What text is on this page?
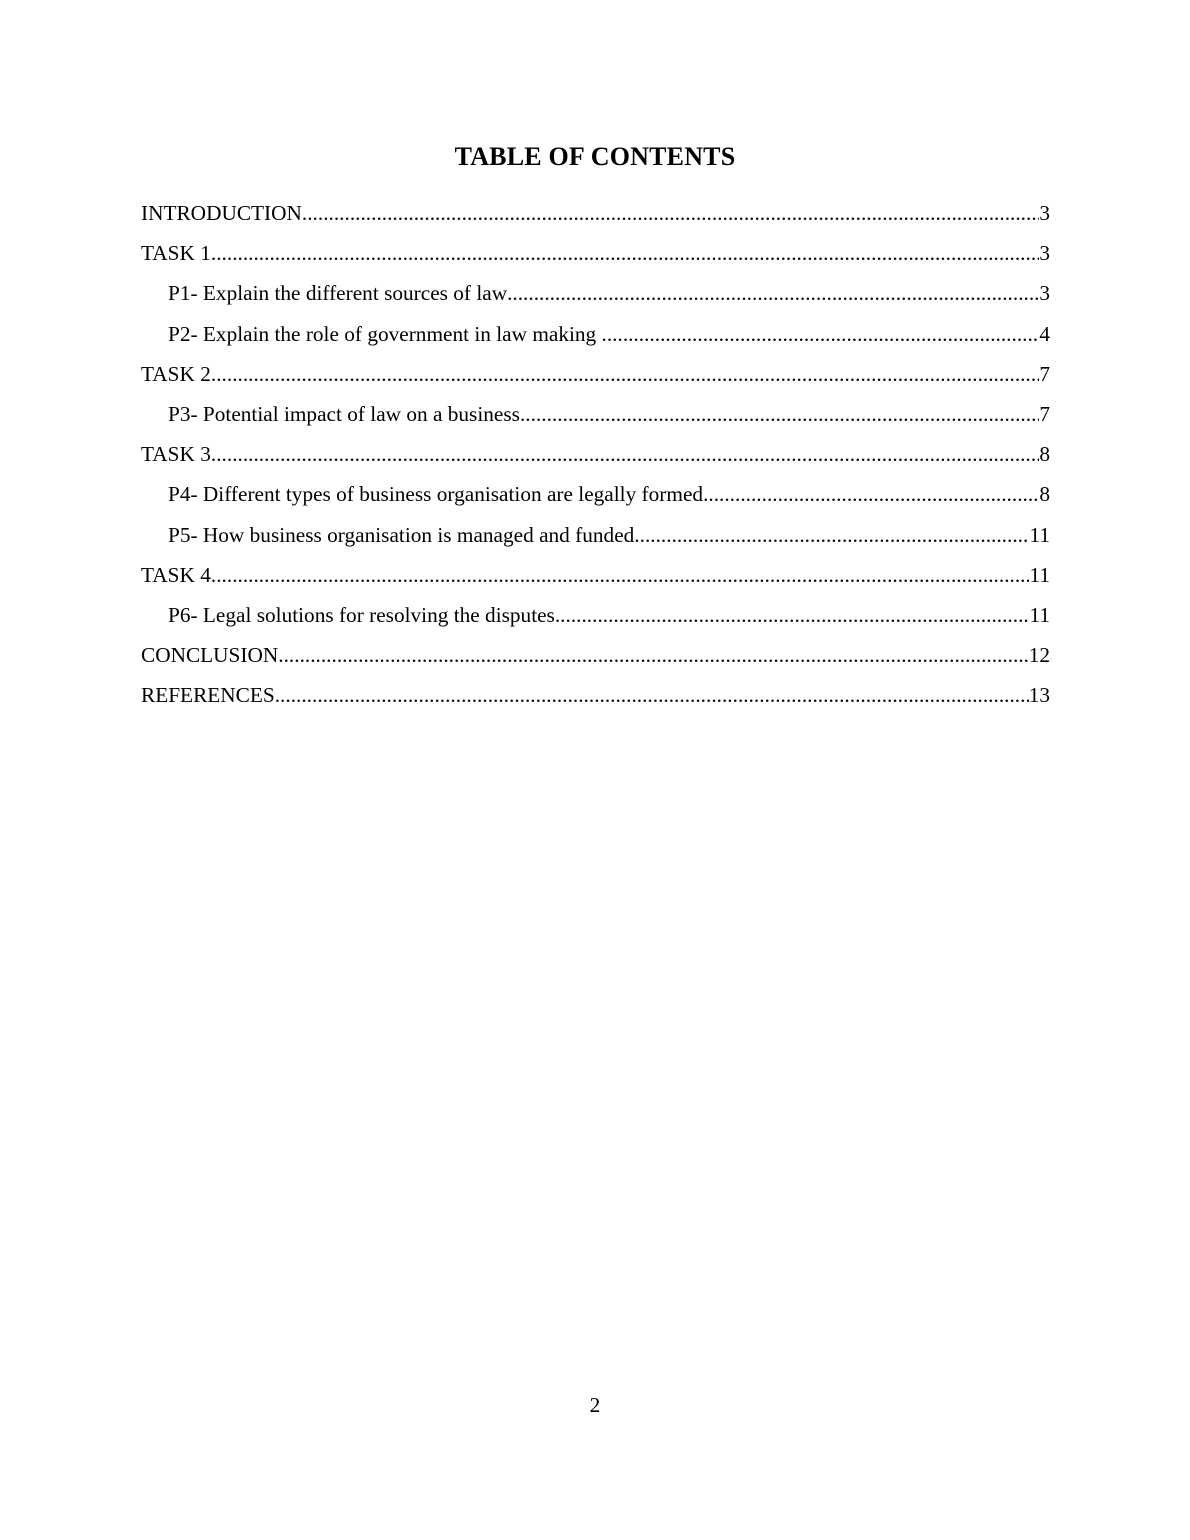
TABLE OF CONTENTS
INTRODUCTION .....	3
TASK 1 .....	3
P1- Explain the different sources of law .....	3
P2- Explain the role of government in law making .....	4
TASK 2 .....	7
P3- Potential impact of law on a business .....	7
TASK 3 .....	8
P4- Different types of business organisation are legally formed .....	8
P5- How business organisation is managed and funded .....	11
TASK 4 .....	11
P6- Legal solutions for resolving the disputes .....	11
CONCLUSION .....	12
REFERENCES .....	13
2
